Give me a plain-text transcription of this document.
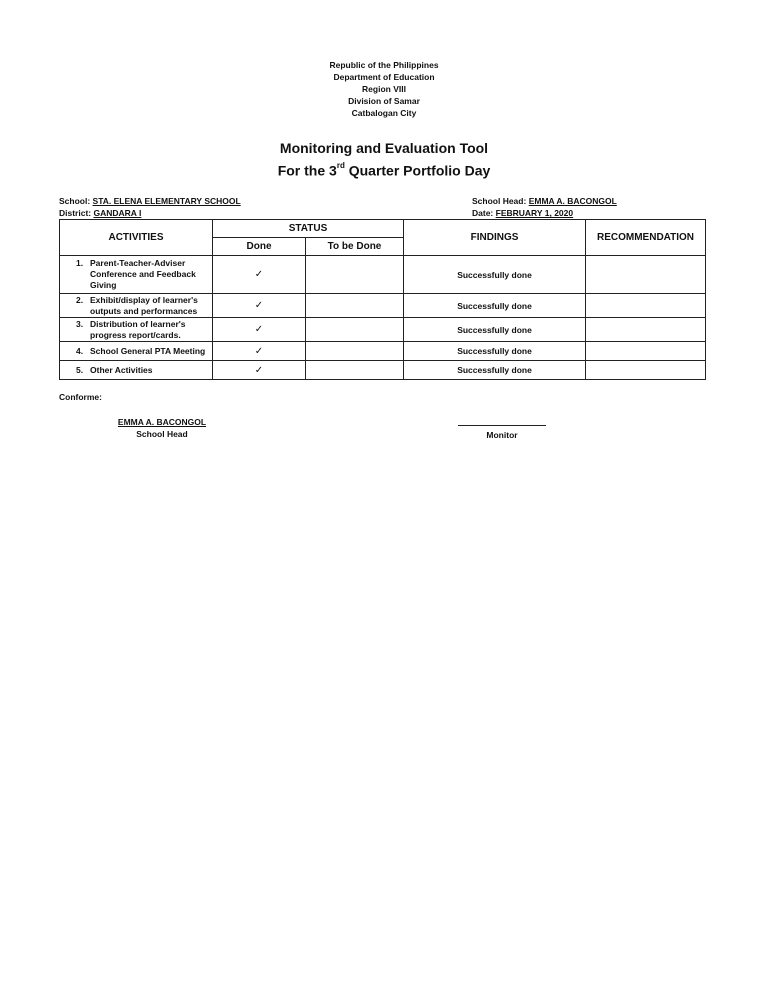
Republic of the Philippines
Department of Education
Region VIII
Division of Samar
Catbalogan City
Monitoring and Evaluation Tool
For the 3rd Quarter Portfolio Day
School: STA. ELENA ELEMENTARY SCHOOL
District: GANDARA I
School Head: EMMA A. BACONGOL
Date: FEBRUARY 1, 2020
ACTIVITIES	STATUS		FINDINGS	RECOMMENDATION
	Done	To be Done		
1. Parent-Teacher-Adviser Conference and Feedback Giving	✓		Successfully done	
2. Exhibit/display of learner's outputs and performances	✓		Successfully done	
3. Distribution of learner's progress report/cards.	✓		Successfully done	
4. School General PTA Meeting	✓		Successfully done	
5. Other Activities	✓		Successfully done	
Conforme:
EMMA A. BACONGOL
School Head	Monitor
